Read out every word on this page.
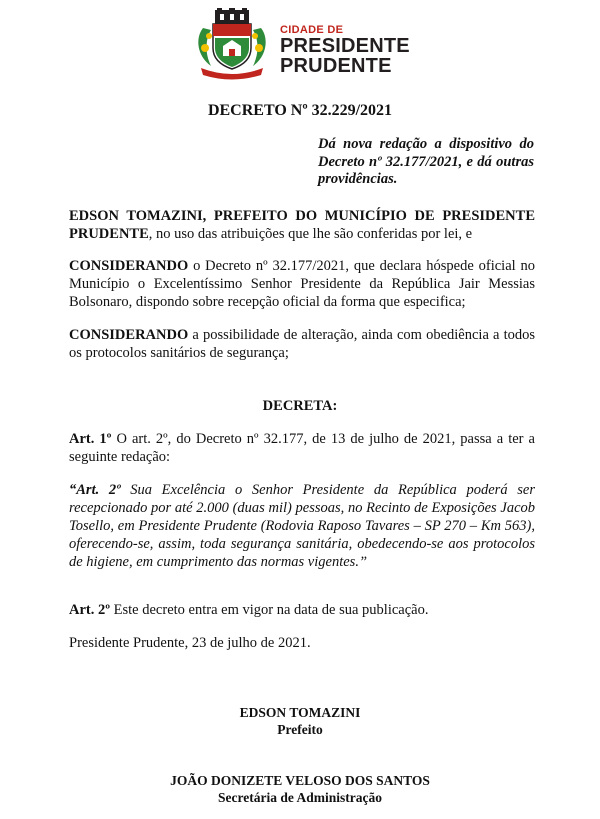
CIDADE DE
PRESIDENTE
PRUDENTE
DECRETO Nº 32.229/2021
Dá nova redação a dispositivo do Decreto nº 32.177/2021, e dá outras providências.
EDSON TOMAZINI, PREFEITO DO MUNICÍPIO DE PRESIDENTE PRUDENTE, no uso das atribuições que lhe são conferidas por lei, e
CONSIDERANDO o Decreto nº 32.177/2021, que declara hóspede oficial no Município o Excelentíssimo Senhor Presidente da República Jair Messias Bolsonaro, dispondo sobre recepção oficial da forma que especifica;
CONSIDERANDO a possibilidade de alteração, ainda com obediência a todos os protocolos sanitários de segurança;
DECRETA:
Art. 1º O art. 2º, do Decreto nº 32.177, de 13 de julho de 2021, passa a ter a seguinte redação:
“Art. 2º Sua Excelência o Senhor Presidente da República poderá ser recepcionado por até 2.000 (duas mil) pessoas, no Recinto de Exposições Jacob Tosello, em Presidente Prudente (Rodovia Raposo Tavares – SP 270 – Km 563), oferecendo-se, assim, toda segurança sanitária, obedecendo-se aos protocolos de higiene, em cumprimento das normas vigentes.”
Art. 2º Este decreto entra em vigor na data de sua publicação.
Presidente Prudente, 23 de julho de 2021.
EDSON TOMAZINI
Prefeito
JOÃO DONIZETE VELOSO DOS SANTOS
Secretária de Administração
